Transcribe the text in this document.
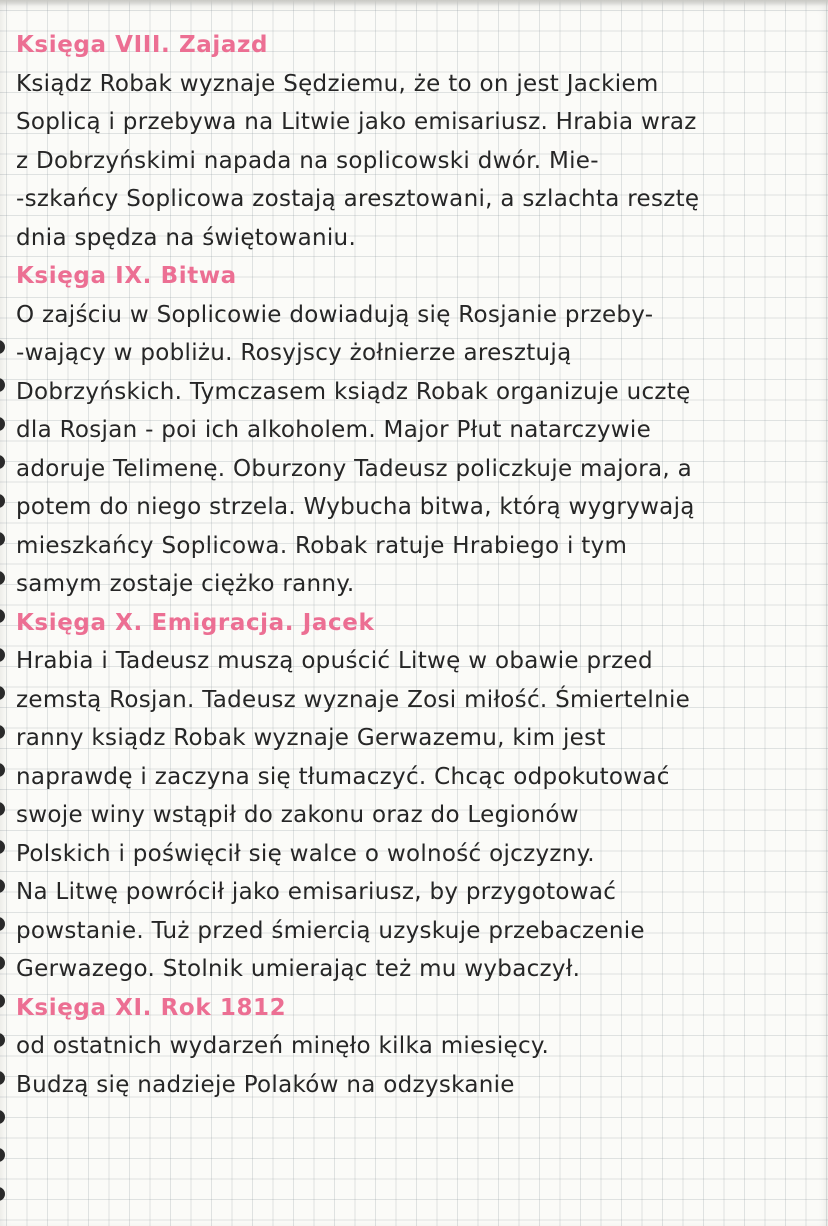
Księga VIII. Zajazd
Ksiądz Robak wyznaje Sędziemu, że to on jest Jackiem
Soplicą i przebywa na Litwie jako emisariusz. Hrabia wraz
z Dobrzyńskimi napada na soplicowski dwór. Mie-
-szkańcy Soplicowa zostają aresztowani, a szlachta resztę
dnia spędza na świętowaniu.
Księga IX. Bitwa
O zajściu w Soplicowie dowiadują się Rosjanie przeby-
-wający w pobliżu. Rosyjscy żołnierze aresztują
Dobrzyńskich. Tymczasem ksiądz Robak organizuje ucztę
dla Rosjan - poi ich alkoholem. Major Płut natarczywie
adoruje Telimenę. Oburzony Tadeusz policzkuje majora, a
potem do niego strzela. Wybucha bitwa, którą wygrywają
mieszkańcy Soplicowa. Robak ratuje Hrabiego i tym
samym zostaje ciężko ranny.
Księga X. Emigracja. Jacek
Hrabia i Tadeusz muszą opuścić Litwę w obawie przed
zemstą Rosjan. Tadeusz wyznaje Zosi miłość. Śmiertelnie
ranny ksiądz Robak wyznaje Gerwazemu, kim jest
naprawdę i zaczyna się tłumaczyć. Chcąc odpokutować
swoje winy wstąpił do zakonu oraz do Legionów
Polskich i poświęcił się walce o wolność ojczyzny.
Na Litwę powrócił jako emisariusz, by przygotować
powstanie. Tuż przed śmiercią uzyskuje przebaczenie
Gerwazego. Stolnik umierając też mu wybaczył.
Księga XI. Rok 1812
od ostatnich wydarzeń minęło kilka miesięcy.
Budzą się nadzieje Polaków na odzyskanie
